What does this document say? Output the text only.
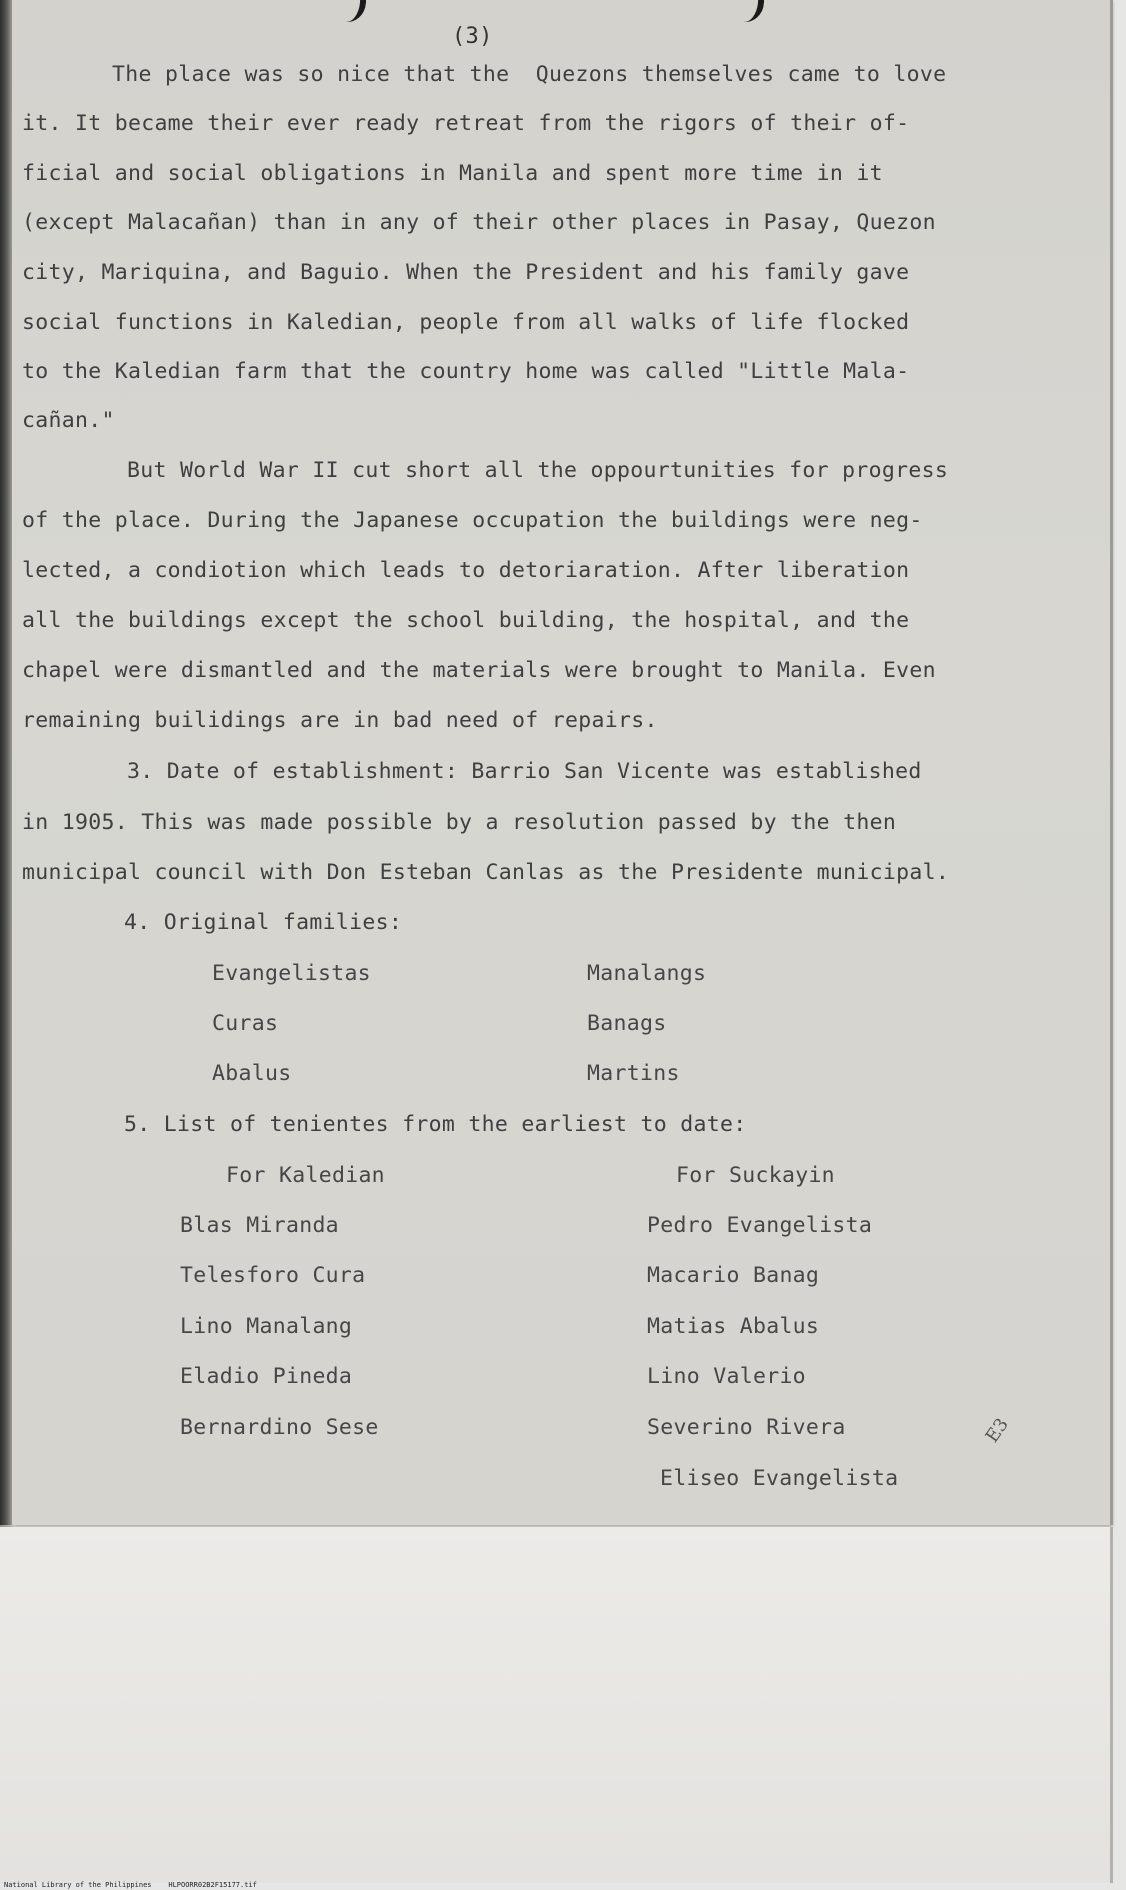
(3)
The place was so nice that the  Quezons themselves came to love
it. It became their ever ready retreat from the rigors of their of-
ficial and social obligations in Manila and spent more time in it
(except Malacañan) than in any of their other places in Pasay, Quezon
city, Mariquina, and Baguio. When the President and his family gave
social functions in Kaledian, people from all walks of life flocked
to the Kaledian farm that the country home was called "Little Mala-
cañan."
But World War II cut short all the oppourtunities for progress
of the place. During the Japanese occupation the buildings were neg-
lected, a condiotion which leads to detoriaration. After liberation
all the buildings except the school building, the hospital, and the
chapel were dismantled and the materials were brought to Manila. Even
remaining builidings are in bad need of repairs.
3. Date of establishment: Barrio San Vicente was established
in 1905. This was made possible by a resolution passed by the then
municipal council with Don Esteban Canlas as the Presidente municipal.
4. Original families:
Evangelistas
Curas
Abalus
Manalangs
Banags
Martins
5. List of tenientes from the earliest to date:
For Kaledian	For Suckayin
Blas Miranda
Telesforo Cura
Lino Manalang
Eladio Pineda
Bernardino Sese
Pedro Evangelista
Macario Banag
Matias Abalus
Lino Valerio
Severino Rivera
Eliseo Evangelista
E3
National Library of the Philippines    HLPOORR02B2F15177.tif
